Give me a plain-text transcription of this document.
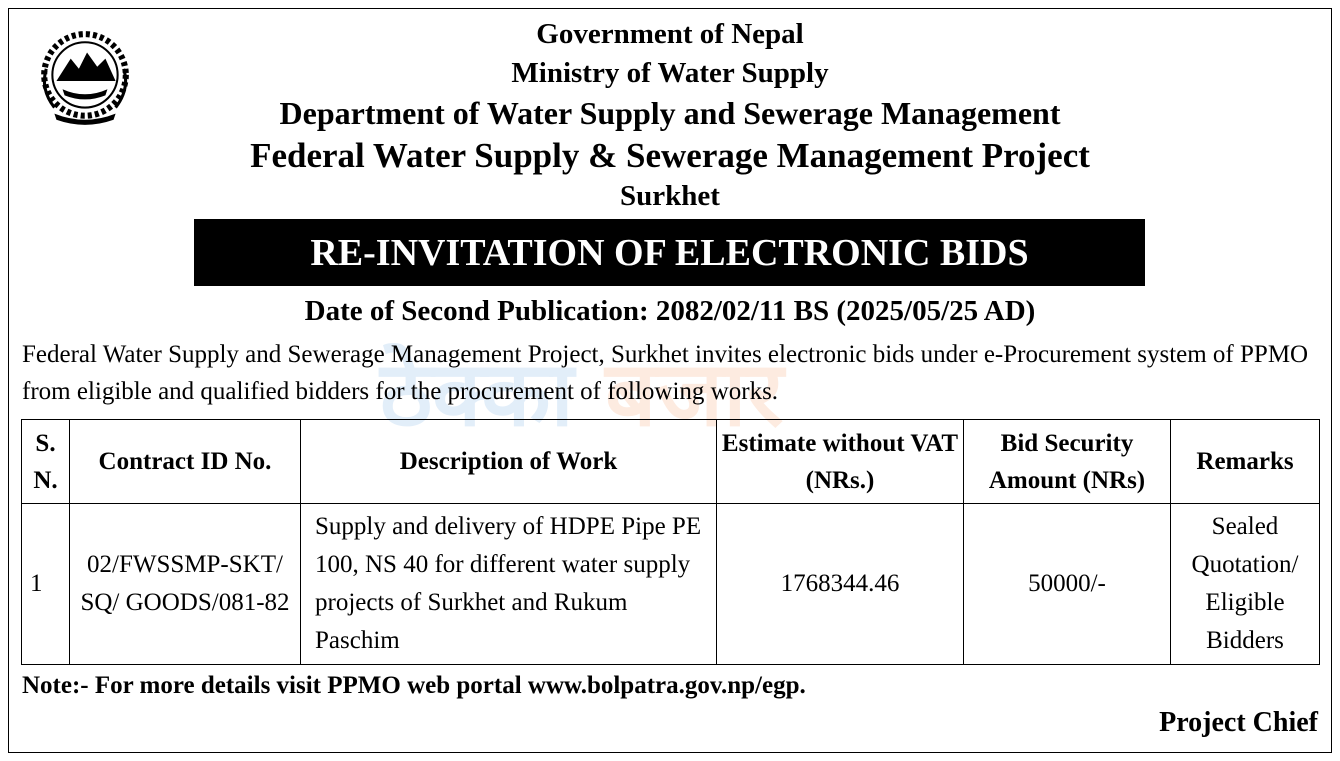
Government of Nepal
Ministry of Water Supply
Department of Water Supply and Sewerage Management
Federal Water Supply & Sewerage Management Project
Surkhet
RE-INVITATION OF ELECTRONIC BIDS
Date of Second Publication: 2082/02/11 BS (2025/05/25 AD)
ठेक्का बजार
Federal Water Supply and Sewerage Management Project, Surkhet invites electronic bids under e-Procurement system of PPMO from eligible and qualified bidders for the procurement of following works.
S. N.	Contract ID No.	Description of Work	Estimate without VAT (NRs.)	Bid Security Amount (NRs)	Remarks
1	02/FWSSMP-SKT/ SQ/ GOODS/081-82	Supply and delivery of HDPE Pipe PE 100, NS 40 for different water supply projects of Surkhet and Rukum Paschim	1768344.46	50000/-	Sealed Quotation/ Eligible Bidders
Note:- For more details visit PPMO web portal www.bolpatra.gov.np/egp.
Project Chief
